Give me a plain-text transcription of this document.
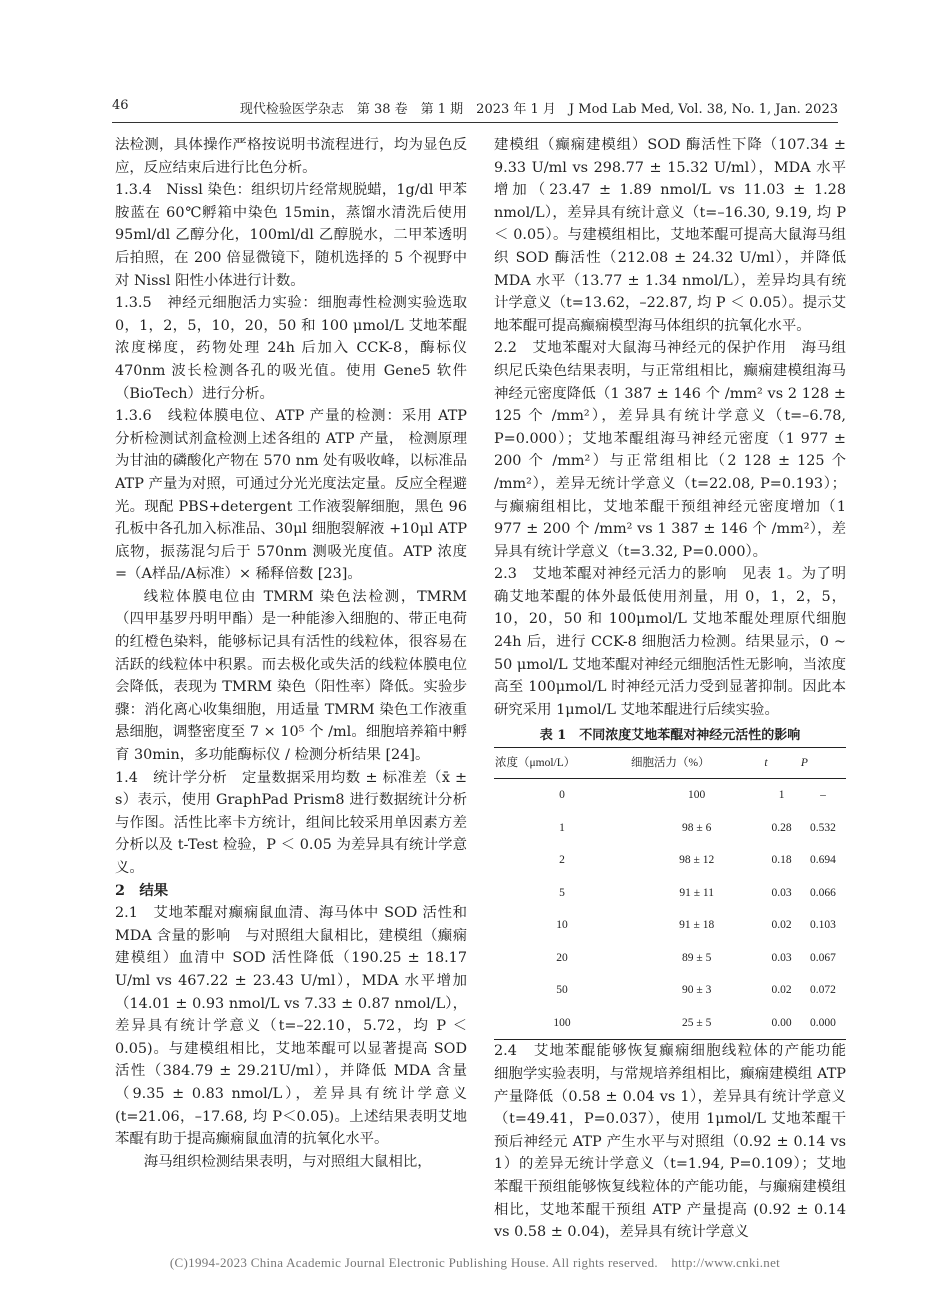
46	现代检验医学杂志　第 38 卷　第 1 期　2023 年 1 月　J Mod Lab Med, Vol. 38, No. 1, Jan. 2023

法检测，具体操作严格按说明书流程进行，均为显色反应，反应结束后进行比色分析。

1.3.4　Nissl 染色：组织切片经常规脱蜡，1g/dl 甲苯胺蓝在 60℃孵箱中染色 15min，蒸馏水清洗后使用 95ml/dl 乙醇分化，100ml/dl 乙醇脱水，二甲苯透明后拍照，在 200 倍显微镜下，随机选择的 5 个视野中对 Nissl 阳性小体进行计数。

1.3.5　神经元细胞活力实验：细胞毒性检测实验选取 0，1，2，5，10，20，50 和 100 μmol/L 艾地苯醌浓度梯度，药物处理 24h 后加入 CCK-8，酶标仪 470nm 波长检测各孔的吸光值。使用 Gene5 软件（BioTech）进行分析。

1.3.6　线粒体膜电位、ATP 产量的检测：采用 ATP 分析检测试剂盒检测上述各组的 ATP 产量， 检测原理为甘油的磷酸化产物在 570 nm 处有吸收峰，以标准品 ATP 产量为对照，可通过分光光度法定量。反应全程避光。现配 PBS+detergent 工作液裂解细胞，黑色 96 孔板中各孔加入标准品、30μl 细胞裂解液 +10μl ATP 底物，振荡混匀后于 570nm 测吸光度值。ATP 浓度 =（A样品/A标准）× 稀释倍数 [23]。

线粒体膜电位由 TMRM 染色法检测，TMRM（四甲基罗丹明甲酯）是一种能渗入细胞的、带正电荷的红橙色染料，能够标记具有活性的线粒体，很容易在活跃的线粒体中积累。而去极化或失活的线粒体膜电位会降低，表现为 TMRM 染色（阳性率）降低。实验步骤：消化离心收集细胞，用适量 TMRM 染色工作液重悬细胞，调整密度至 7 × 10⁵ 个 /ml。细胞培养箱中孵育 30min，多功能酶标仪 / 检测分析结果 [24]。

1.4　统计学分析　定量数据采用均数 ± 标准差（x̄ ± s）表示，使用 GraphPad Prism8 进行数据统计分析与作图。活性比率卡方统计，组间比较采用单因素方差分析以及 t-Test 检验，P ＜ 0.05 为差异具有统计学意义。

2　结果

2.1　艾地苯醌对癫痫鼠血清、海马体中 SOD 活性和 MDA 含量的影响　与对照组大鼠相比，建模组（癫痫建模组）血清中 SOD 活性降低（190.25 ± 18.17 U/ml vs 467.22 ± 23.43 U/ml），MDA 水平增加（14.01 ± 0.93 nmol/L vs 7.33 ± 0.87 nmol/L），差异具有统计学意义（t=–22.10，5.72，均 P ＜ 0.05)。与建模组相比，艾地苯醌可以显著提高 SOD 活性（384.79 ± 29.21U/ml），并降低 MDA 含量（9.35 ± 0.83 nmol/L），差异具有统计学意义(t=21.06，–17.68, 均 P＜0.05)。上述结果表明艾地苯醌有助于提高癫痫鼠血清的抗氧化水平。

海马组织检测结果表明，与对照组大鼠相比，

建模组（癫痫建模组）SOD 酶活性下降（107.34 ± 9.33 U/ml vs 298.77 ± 15.32 U/ml），MDA 水平增加（23.47 ± 1.89 nmol/L vs 11.03 ± 1.28 nmol/L），差异具有统计意义（t=–16.30, 9.19, 均 P ＜ 0.05）。与建模组相比，艾地苯醌可提高大鼠海马组织 SOD 酶活性（212.08 ± 24.32 U/ml），并降低 MDA 水平（13.77 ± 1.34 nmol/L），差异均具有统计学意义（t=13.62，–22.87, 均 P ＜ 0.05）。提示艾地苯醌可提高癫痫模型海马体组织的抗氧化水平。

2.2　艾地苯醌对大鼠海马神经元的保护作用　海马组织尼氏染色结果表明，与正常组相比，癫痫建模组海马神经元密度降低（1 387 ± 146 个 /mm² vs 2 128 ± 125 个 /mm²），差异具有统计学意义（t=–6.78, P=0.000）；艾地苯醌组海马神经元密度（1 977 ± 200 个 /mm²）与正常组相比（2 128 ± 125 个 /mm²），差异无统计学意义（t=22.08, P=0.193）；与癫痫组相比，艾地苯醌干预组神经元密度增加（1 977 ± 200 个 /mm² vs 1 387 ± 146 个 /mm²），差异具有统计学意义（t=3.32, P=0.000）。

2.3　艾地苯醌对神经元活力的影响　见表 1。为了明确艾地苯醌的体外最低使用剂量，用 0，1，2，5，10，20，50 和 100μmol/L 艾地苯醌处理原代细胞 24h 后，进行 CCK-8 细胞活力检测。结果显示，0 ~ 50 μmol/L 艾地苯醌对神经元细胞活性无影响，当浓度高至 100μmol/L 时神经元活力受到显著抑制。因此本研究采用 1μmol/L 艾地苯醌进行后续实验。

表 1　不同浓度艾地苯醌对神经元活性的影响
浓度（μmol/L）	细胞活力（%）	t	P
0	100	1	–
1	98 ± 6	0.28	0.532
2	98 ± 12	0.18	0.694
5	91 ± 11	0.03	0.066
10	91 ± 18	0.02	0.103
20	89 ± 5	0.03	0.067
50	90 ± 3	0.02	0.072
100	25 ± 5	0.00	0.000

2.4　艾地苯醌能够恢复癫痫细胞线粒体的产能功能　细胞学实验表明，与常规培养组相比，癫痫建模组 ATP 产量降低（0.58 ± 0.04 vs 1），差异具有统计学意义（t=49.41，P=0.037），使用 1μmol/L 艾地苯醌干预后神经元 ATP 产生水平与对照组（0.92 ± 0.14 vs 1）的差异无统计学意义（t=1.94, P=0.109）；艾地苯醌干预组能够恢复线粒体的产能功能，与癫痫建模组相比，艾地苯醌干预组 ATP 产量提高 (0.92 ± 0.14 vs 0.58 ± 0.04)，差异具有统计学意义

(C)1994-2023 China Academic Journal Electronic Publishing House. All rights reserved.　http://www.cnki.net
